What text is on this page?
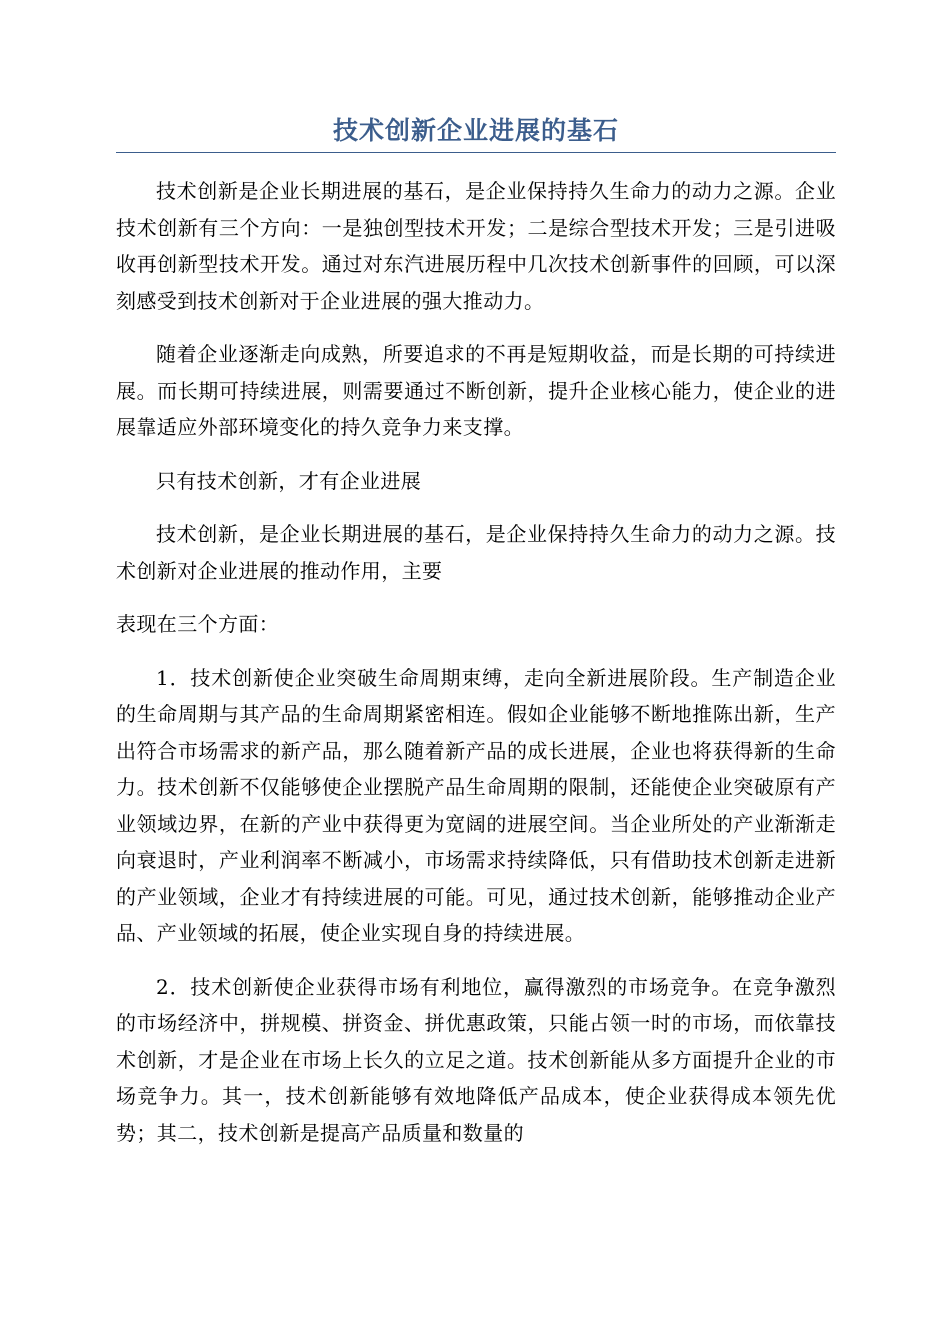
技术创新企业进展的基石

技术创新是企业长期进展的基石，是企业保持持久生命力的动力之源。企业技术创新有三个方向：一是独创型技术开发；二是综合型技术开发；三是引进吸收再创新型技术开发。通过对东汽进展历程中几次技术创新事件的回顾，可以深刻感受到技术创新对于企业进展的强大推动力。

随着企业逐渐走向成熟，所要追求的不再是短期收益，而是长期的可持续进展。而长期可持续进展，则需要通过不断创新，提升企业核心能力，使企业的进展靠适应外部环境变化的持久竞争力来支撑。

只有技术创新，才有企业进展

技术创新，是企业长期进展的基石，是企业保持持久生命力的动力之源。技术创新对企业进展的推动作用，主要

表现在三个方面：

1．技术创新使企业突破生命周期束缚，走向全新进展阶段。生产制造企业的生命周期与其产品的生命周期紧密相连。假如企业能够不断地推陈出新，生产出符合市场需求的新产品，那么随着新产品的成长进展，企业也将获得新的生命力。技术创新不仅能够使企业摆脱产品生命周期的限制，还能使企业突破原有产业领域边界，在新的产业中获得更为宽阔的进展空间。当企业所处的产业渐渐走向衰退时，产业利润率不断减小，市场需求持续降低，只有借助技术创新走进新的产业领域，企业才有持续进展的可能。可见，通过技术创新，能够推动企业产品、产业领域的拓展，使企业实现自身的持续进展。

2．技术创新使企业获得市场有利地位，赢得激烈的市场竞争。在竞争激烈的市场经济中，拼规模、拼资金、拼优惠政策，只能占领一时的市场，而依靠技术创新，才是企业在市场上长久的立足之道。技术创新能从多方面提升企业的市场竞争力。其一，技术创新能够有效地降低产品成本，使企业获得成本领先优势；其二，技术创新是提高产品质量和数量的
